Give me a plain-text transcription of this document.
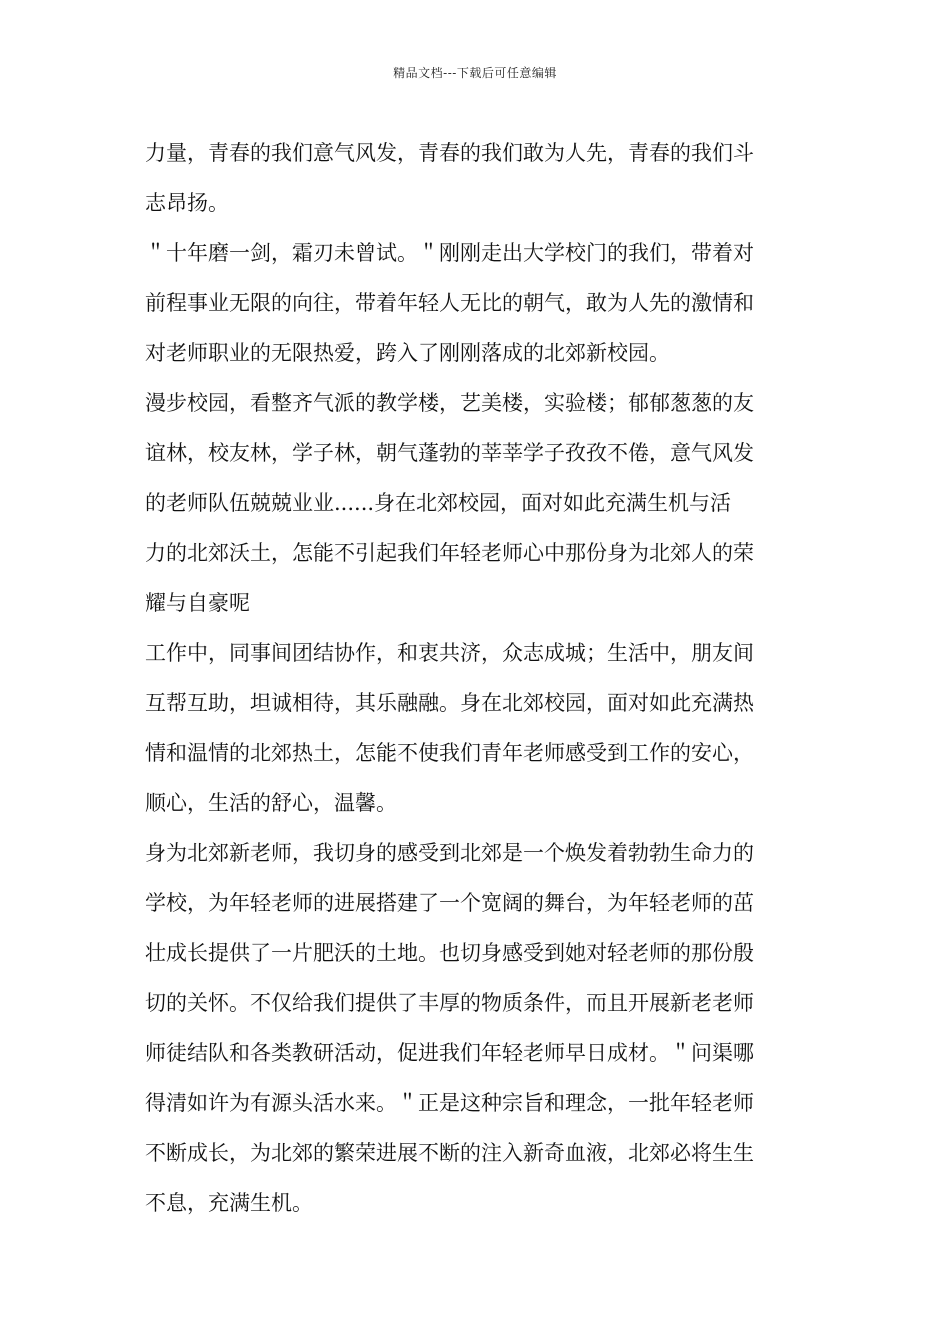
精品文档---下载后可任意编辑
力量，青春的我们意气风发，青春的我们敢为人先，青春的我们斗
志昂扬。
＂十年磨一剑，霜刃未曾试。＂刚刚走出大学校门的我们，带着对
前程事业无限的向往，带着年轻人无比的朝气，敢为人先的激情和
对老师职业的无限热爱，跨入了刚刚落成的北郊新校园。
漫步校园，看整齐气派的教学楼，艺美楼，实验楼；郁郁葱葱的友
谊林，校友林，学子林，朝气蓬勃的莘莘学子孜孜不倦，意气风发
的老师队伍兢兢业业......身在北郊校园，面对如此充满生机与活
力的北郊沃土，怎能不引起我们年轻老师心中那份身为北郊人的荣
耀与自豪呢
工作中，同事间团结协作，和衷共济，众志成城；生活中，朋友间
互帮互助，坦诚相待，其乐融融。身在北郊校园，面对如此充满热
情和温情的北郊热土，怎能不使我们青年老师感受到工作的安心，
顺心，生活的舒心，温馨。
身为北郊新老师，我切身的感受到北郊是一个焕发着勃勃生命力的
学校，为年轻老师的进展搭建了一个宽阔的舞台，为年轻老师的茁
壮成长提供了一片肥沃的土地。也切身感受到她对轻老师的那份殷
切的关怀。不仅给我们提供了丰厚的物质条件，而且开展新老老师
师徒结队和各类教研活动，促进我们年轻老师早日成材。＂问渠哪
得清如许为有源头活水来。＂正是这种宗旨和理念，一批年轻老师
不断成长，为北郊的繁荣进展不断的注入新奇血液，北郊必将生生
不息，充满生机。
